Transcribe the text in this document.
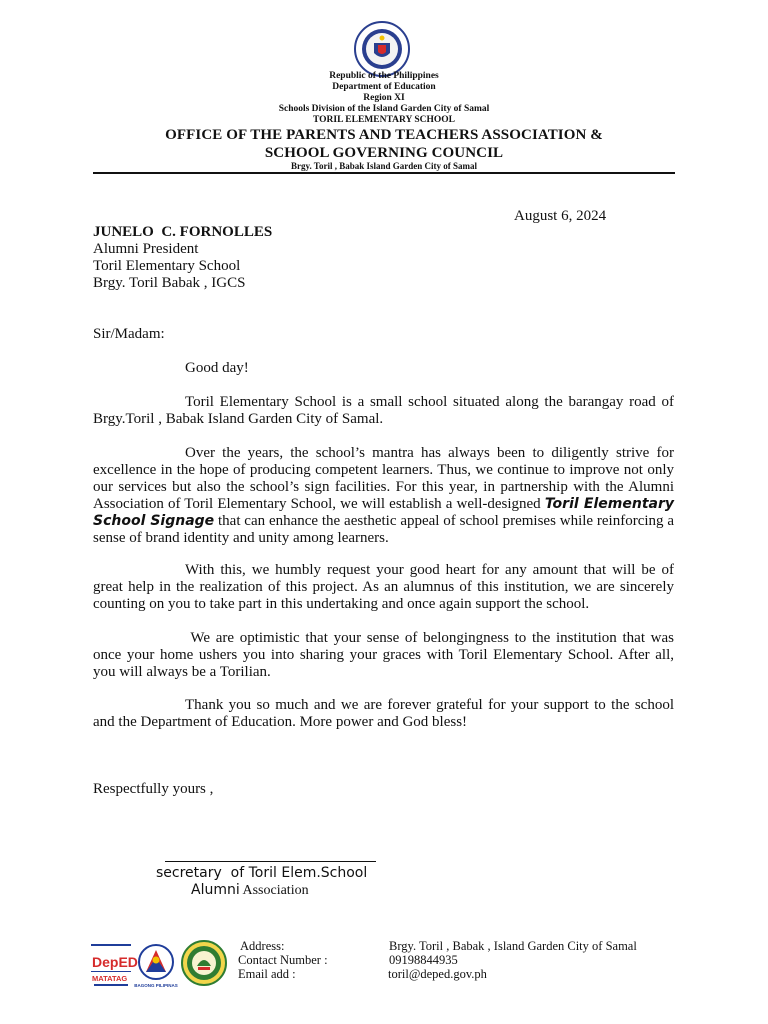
Republic of the Philippines
Department of Education
Region XI
Schools Division of the Island Garden City of Samal
TORIL ELEMENTARY SCHOOL
OFFICE OF THE PARENTS AND TEACHERS ASSOCIATION &
SCHOOL GOVERNING COUNCIL
Brgy. Toril , Babak Island Garden City of Samal
August 6, 2024
JUNELO  C. FORNOLLES
Alumni President
Toril Elementary School
Brgy. Toril Babak , IGCS
Sir/Madam:
Good day!
Toril Elementary School is a small school situated along the barangay road of Brgy.Toril , Babak Island Garden City of Samal.
Over the years, the school’s mantra has always been to diligently strive for excellence in the hope of producing competent learners. Thus, we continue to improve not only our services but also the school’s sign facilities. For this year, in partnership with the Alumni Association of Toril Elementary School, we will establish a well-designed Toril Elementary School Signage that can enhance the aesthetic appeal of school premises while reinforcing a sense of brand identity and unity among learners.
With this, we humbly request your good heart for any amount that will be of great help in the realization of this project. As an alumnus of this institution, we are sincerely counting on you to take part in this undertaking and once again support the school.
We are optimistic that your sense of belongingness to the institution that was once your home ushers you into sharing your graces with Toril Elementary School. After all, you will always be a Torilian.
Thank you so much and we are forever grateful for your support to the school and the Department of Education. More power and God bless!
Respectfully yours ,
secretary  of Toril Elem.School
Alumni Association
DepED
MATATAG
BAGONG PILIPINAS
Address:	Brgy. Toril , Babak , Island Garden City of Samal
Contact Number :	09198844935
Email add :	toril@deped.gov.ph
